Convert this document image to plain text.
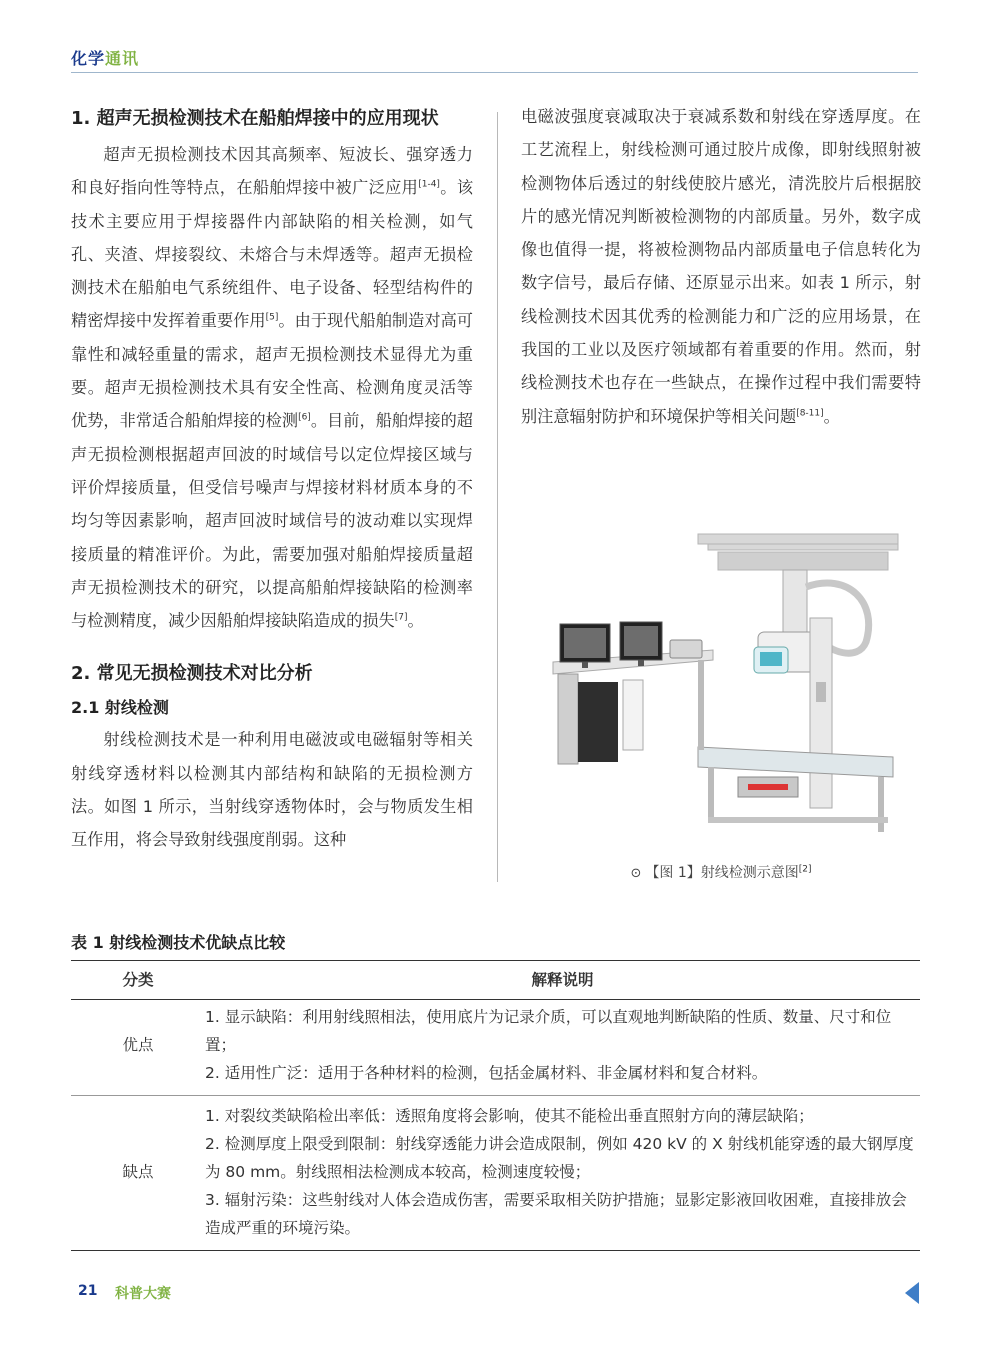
化学通讯
1. 超声无损检测技术在船舶焊接中的应用现状

超声无损检测技术因其高频率、短波长、强穿透力和良好指向性等特点，在船舶焊接中被广泛应用[1-4]。该技术主要应用于焊接器件内部缺陷的相关检测，如气孔、夹渣、焊接裂纹、未熔合与未焊透等。超声无损检测技术在船舶电气系统组件、电子设备、轻型结构件的精密焊接中发挥着重要作用[5]。由于现代船舶制造对高可靠性和减轻重量的需求，超声无损检测技术显得尤为重要。超声无损检测技术具有安全性高、检测角度灵活等优势，非常适合船舶焊接的检测[6]。目前，船舶焊接的超声无损检测根据超声回波的时域信号以定位焊接区域与评价焊接质量，但受信号噪声与焊接材料材质本身的不均匀等因素影响，超声回波时域信号的波动难以实现焊接质量的精准评价。为此，需要加强对船舶焊接质量超声无损检测技术的研究，以提高船舶焊接缺陷的检测率与检测精度，减少因船舶焊接缺陷造成的损失[7]。

2. 常见无损检测技术对比分析
2.1 射线检测

射线检测技术是一种利用电磁波或电磁辐射等相关射线穿透材料以检测其内部结构和缺陷的无损检测方法。如图 1 所示，当射线穿透物体时，会与物质发生相互作用，将会导致射线强度削弱。这种

电磁波强度衰减取决于衰减系数和射线在穿透厚度。在工艺流程上，射线检测可通过胶片成像，即射线照射被检测物体后透过的射线使胶片感光，清洗胶片后根据胶片的感光情况判断被检测物的内部质量。另外，数字成像也值得一提，将被检测物品内部质量电子信息转化为数字信号，最后存储、还原显示出来。如表 1 所示，射线检测技术因其优秀的检测能力和广泛的应用场景，在我国的工业以及医疗领域都有着重要的作用。然而，射线检测技术也存在一些缺点，在操作过程中我们需要特别注意辐射防护和环境保护等相关问题[8-11]。

⊙ 【图 1】射线检测示意图[2]
表 1 射线检测技术优缺点比较
分类	解释说明
优点	1. 显示缺陷：利用射线照相法，使用底片为记录介质，可以直观地判断缺陷的性质、数量、尺寸和位置；
2. 适用性广泛：适用于各种材料的检测，包括金属材料、非金属材料和复合材料。

缺点	1. 对裂纹类缺陷检出率低：透照角度将会影响，使其不能检出垂直照射方向的薄层缺陷；
2. 检测厚度上限受到限制：射线穿透能力讲会造成限制，例如 420 kV 的 X 射线机能穿透的最大钢厚度为 80 mm。射线照相法检测成本较高，检测速度较慢；
3. 辐射污染：这些射线对人体会造成伤害，需要采取相关防护措施；显影定影液回收困难，直接排放会造成严重的环境污染。
21 科普大赛
